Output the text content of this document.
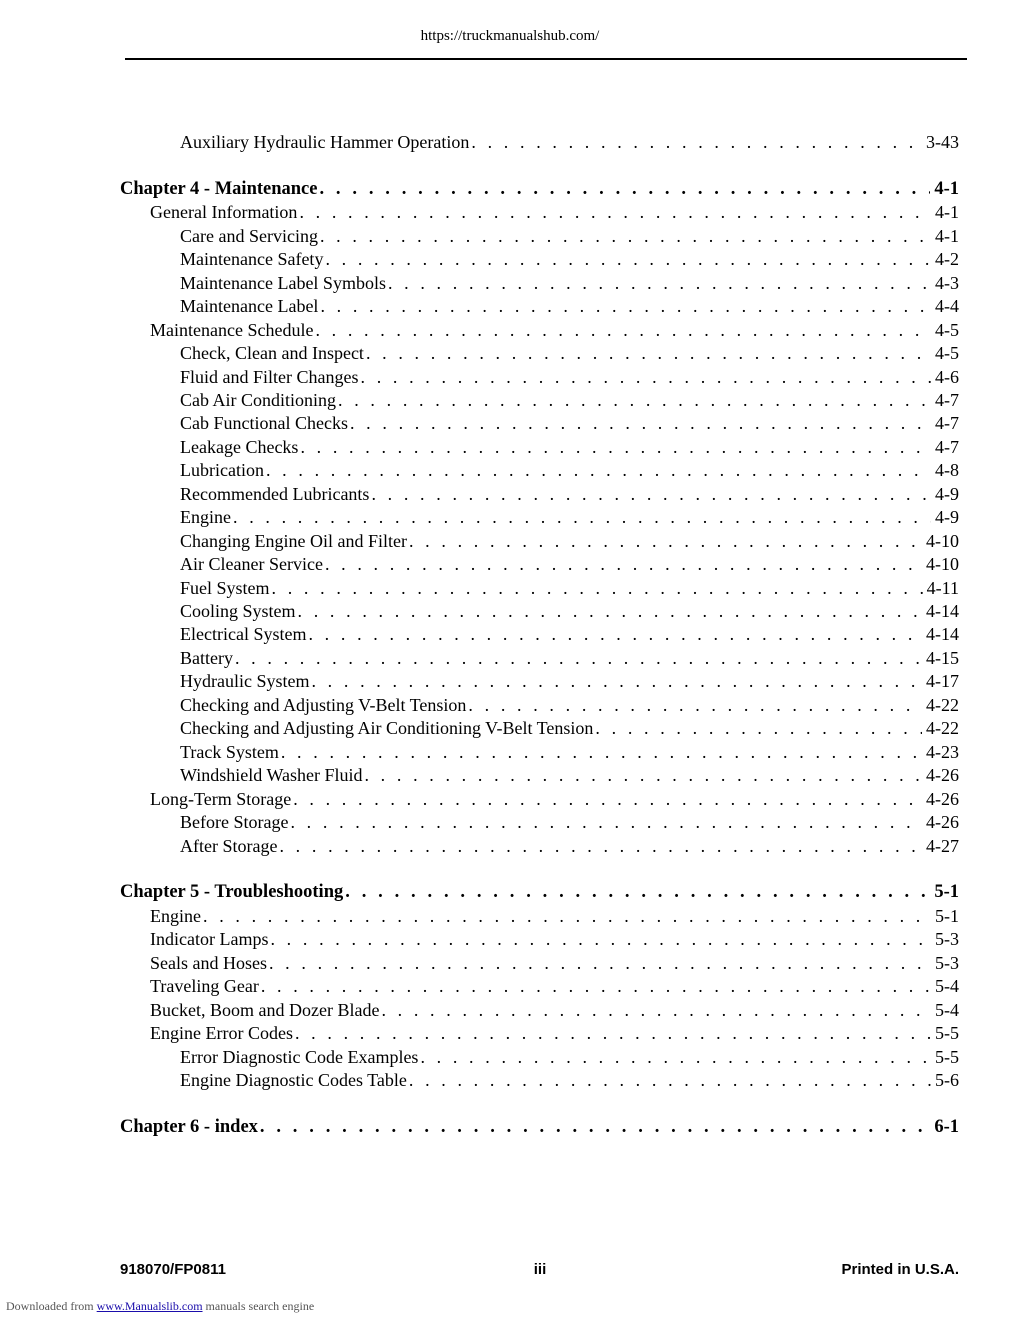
https://truckmanualshub.com/
Auxiliary Hydraulic Hammer Operation . . .	3-43
Chapter 4 - Maintenance . . .	4-1
General Information . . .	4-1
Care and Servicing . . .	4-1
Maintenance Safety . . .	4-2
Maintenance Label Symbols . . .	4-3
Maintenance Label . . .	4-4
Maintenance Schedule . . .	4-5
Check, Clean and Inspect . . .	4-5
Fluid and Filter Changes . . .	4-6
Cab Air Conditioning . . .	4-7
Cab Functional Checks . . .	4-7
Leakage Checks . . .	4-7
Lubrication . . .	4-8
Recommended Lubricants . . .	4-9
Engine . . .	4-9
Changing Engine Oil and Filter . . .	4-10
Air Cleaner Service . . .	4-10
Fuel System . . .	4-11
Cooling System . . .	4-14
Electrical System . . .	4-14
Battery . . .	4-15
Hydraulic System . . .	4-17
Checking and Adjusting V-Belt Tension . . .	4-22
Checking and Adjusting Air Conditioning V-Belt Tension . . .	4-22
Track System . . .	4-23
Windshield Washer Fluid . . .	4-26
Long-Term Storage . . .	4-26
Before Storage . . .	4-26
After Storage . . .	4-27
Chapter 5 - Troubleshooting . . .	5-1
Engine . . .	5-1
Indicator Lamps . . .	5-3
Seals and Hoses . . .	5-3
Traveling Gear . . .	5-4
Bucket, Boom and Dozer Blade . . .	5-4
Engine Error Codes . . .	5-5
Error Diagnostic Code Examples . . .	5-5
Engine Diagnostic Codes Table . . .	5-6
Chapter 6 - index . . .	6-1
918070/FP0811	iii	Printed in U.S.A.
Downloaded from www.Manualslib.com manuals search engine
